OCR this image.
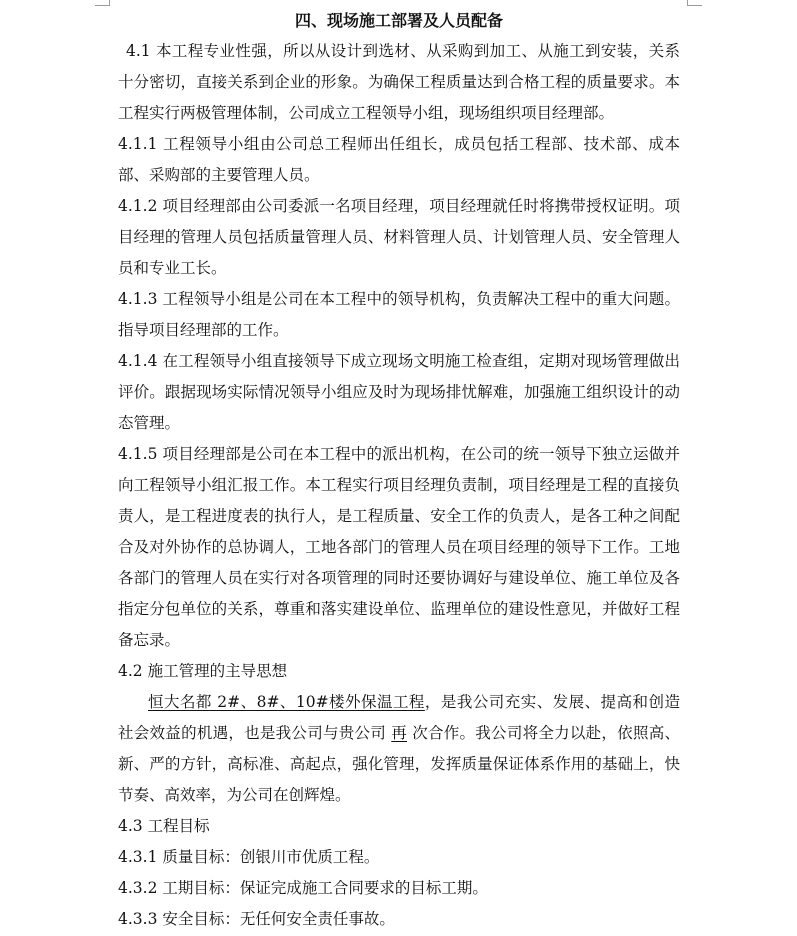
四、现场施工部署及人员配备
4.1 本工程专业性强，所以从设计到选材、从采购到加工、从施工到安装，关系十分密切，直接关系到企业的形象。为确保工程质量达到合格工程的质量要求。本工程实行两极管理体制，公司成立工程领导小组，现场组织项目经理部。
4.1.1 工程领导小组由公司总工程师出任组长，成员包括工程部、技术部、成本部、采购部的主要管理人员。
4.1.2 项目经理部由公司委派一名项目经理，项目经理就任时将携带授权证明。项目经理的管理人员包括质量管理人员、材料管理人员、计划管理人员、安全管理人员和专业工长。
4.1.3 工程领导小组是公司在本工程中的领导机构，负责解决工程中的重大问题。指导项目经理部的工作。
4.1.4 在工程领导小组直接领导下成立现场文明施工检查组，定期对现场管理做出评价。跟据现场实际情况领导小组应及时为现场排忧解难，加强施工组织设计的动态管理。
4.1.5 项目经理部是公司在本工程中的派出机构，在公司的统一领导下独立运做并向工程领导小组汇报工作。本工程实行项目经理负责制，项目经理是工程的直接负责人，是工程进度表的执行人，是工程质量、安全工作的负责人，是各工种之间配合及对外协作的总协调人，工地各部门的管理人员在项目经理的领导下工作。工地各部门的管理人员在实行对各项管理的同时还要协调好与建设单位、施工单位及各指定分包单位的关系，尊重和落实建设单位、监理单位的建设性意见，并做好工程备忘录。
4.2 施工管理的主导思想
恒大名都 2#、8#、10#楼外保温工程，是我公司充实、发展、提高和创造社会效益的机遇，也是我公司与贵公司 再 次合作。我公司将全力以赴，依照高、新、严的方针，高标准、高起点，强化管理，发挥质量保证体系作用的基础上，快节奏、高效率，为公司在创辉煌。
4.3 工程目标
4.3.1 质量目标：创银川市优质工程。
4.3.2 工期目标：保证完成施工合同要求的目标工期。
4.3.3 安全目标：无任何安全责任事故。
